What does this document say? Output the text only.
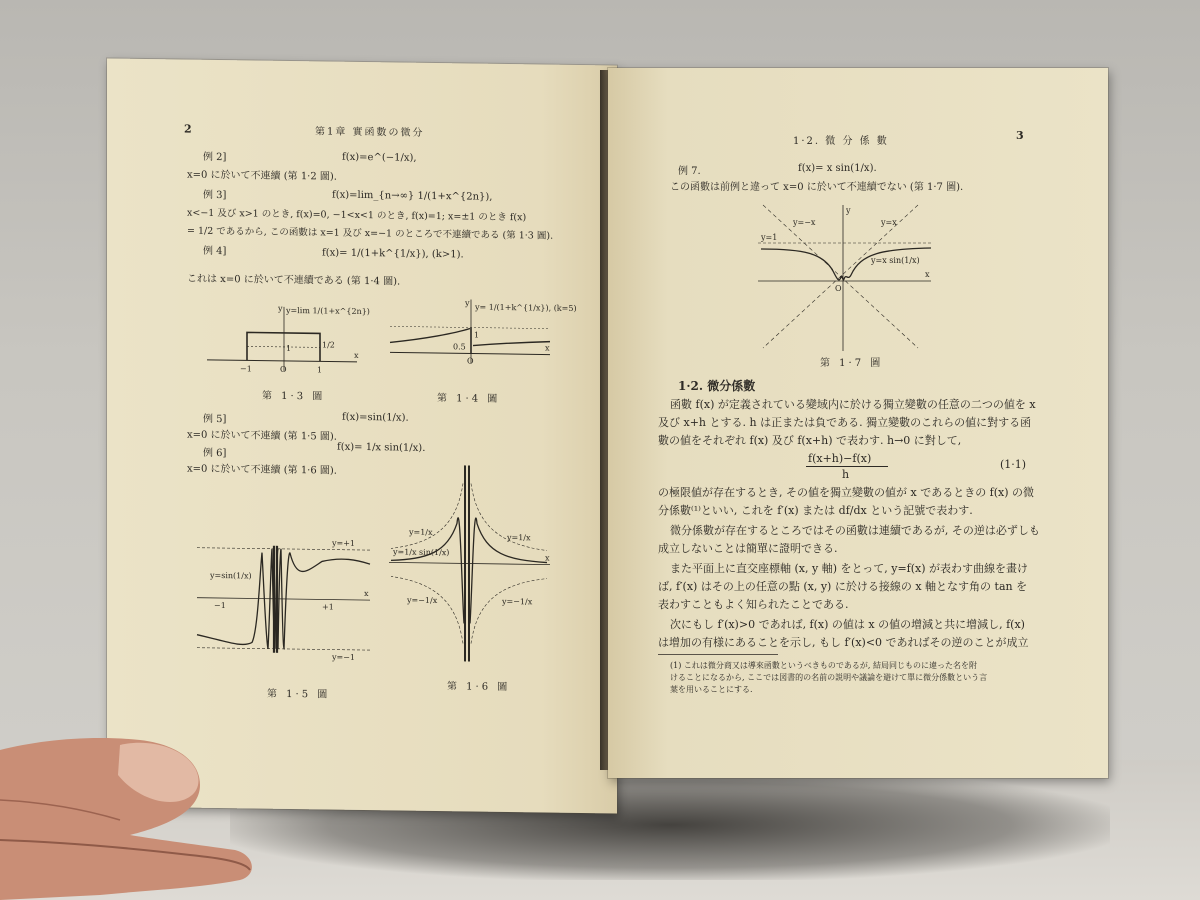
2	第1章 實函數の微分
例 2]	f(x)=e^(−1/x),
x=0 に於いて不連續 (第 1·2 圖).
例 3]	f(x)=lim_{n→∞} 1/(1+x^{2n}),
x<−1 及び x>1 のとき, f(x)=0, −1<x<1 のとき, f(x)=1; x=±1 のとき f(x)
= 1/2 であるから, この函數は x=1 及び x=−1 のところで不連續である (第 1·3 圖).
例 4]	f(x)= 1/(1+k^{1/x}), (k>1).
これは x=0 に於いて不連續である (第 1·4 圖).
y
x
y=lim 1/(1+x^{2n})
1	1/2
−1	O	1
第 1·3 圖
y
x
y= 1/(1+k^{1/x}), (k=5)
1
0.5
O
第 1·4 圖
例 5]	f(x)=sin(1/x).
x=0 に於いて不連續 (第 1·5 圖).
例 6]	f(x)= 1/x sin(1/x).
x=0 に於いて不連續 (第 1·6 圖).
y=+1
y=sin(1/x)
y=−1
−1	+1
x
第 1·5 圖
y=1/x
y=1/x sin(1/x)
y=−1/x
y=1/x
y=−1/x
x
第 1·6 圖
1·2. 微 分 係 數	3
例 7.	f(x)= x sin(1/x).
この函數は前例と違って x=0 に於いて不連續でない (第 1·7 圖).
y=−x	y=x
y=1
y=x sin(1/x)
y
O
x
第 1·7 圖
1·2. 微分係數
函數 f(x) が定義されている變域内に於ける獨立變數の任意の二つの値を x
及び x+h とする. h は正または負である. 獨立變數のこれらの値に對する函
數の値をそれぞれ f(x) 及び f(x+h) で表わす. h→0 に對して,
f(x+h)−f(x)
h
(1·1)
の極限値が存在するとき, その値を獨立變數の値が x であるときの f(x) の微
分係數⁽¹⁾といい, これを f′(x) または df/dx という記號で表わす.
微分係數が存在するところではその函數は連續であるが, その逆は必ずしも
成立しないことは簡單に證明できる.
また平面上に直交座標軸 (x, y 軸) をとって, y=f(x) が表わす曲線を畫け
ば, f′(x) はその上の任意の點 (x, y) に於ける接線の x 軸となす角の tan を
表わすこともよく知られたことである.
次にもし f′(x)>0 であれば, f(x) の値は x の値の增減と共に增減し, f(x)
は增加の有様にあることを示し, もし f′(x)<0 であればその逆のことが成立
(1) これは微分商又は導來函數というべきものであるが, 結局同じものに違った名を附
けることになるから, ここでは図書的の名前の説明や議論を避けて單に微分係數という言
葉を用いることにする.
